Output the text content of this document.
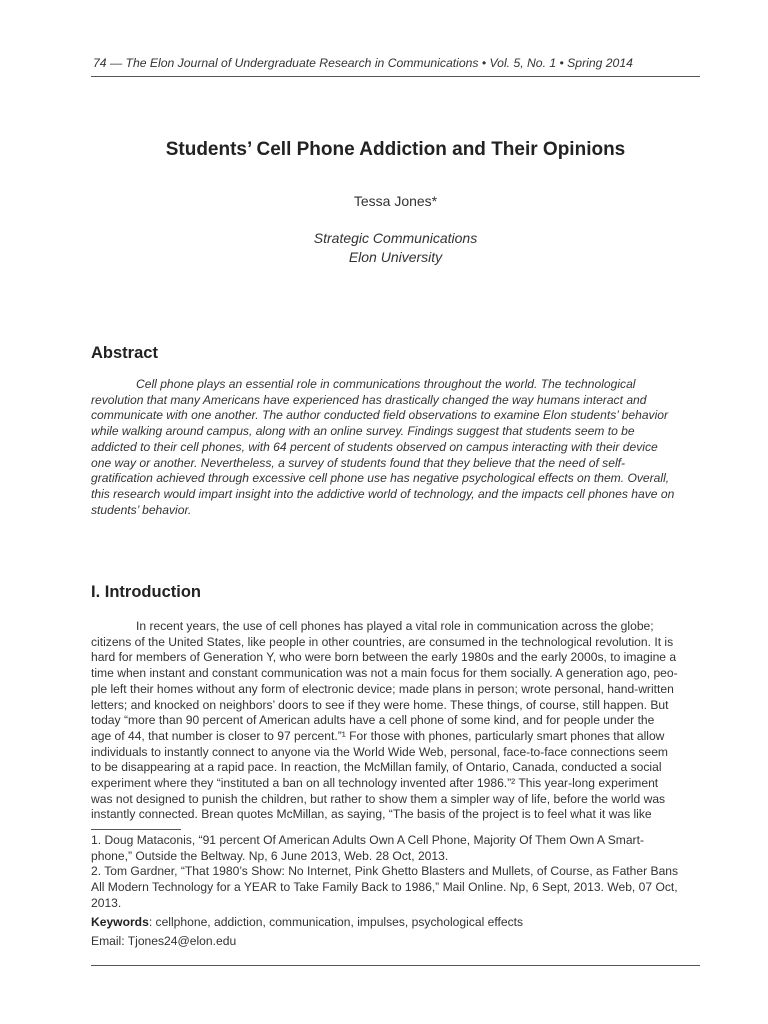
74 — The Elon Journal of Undergraduate Research in Communications • Vol. 5, No. 1 • Spring 2014
Students’ Cell Phone Addiction and Their Opinions
Tessa Jones*
Strategic Communications
Elon University
Abstract
Cell phone plays an essential role in communications throughout the world. The technological
revolution that many Americans have experienced has drastically changed the way humans interact and
communicate with one another. The author conducted field observations to examine Elon students’ behavior
while walking around campus, along with an online survey. Findings suggest that students seem to be
addicted to their cell phones, with 64 percent of students observed on campus interacting with their device
one way or another. Nevertheless, a survey of students found that they believe that the need of self-
gratification achieved through excessive cell phone use has negative psychological effects on them. Overall,
this research would impart insight into the addictive world of technology, and the impacts cell phones have on
students’ behavior.
I. Introduction
In recent years, the use of cell phones has played a vital role in communication across the globe;
citizens of the United States, like people in other countries, are consumed in the technological revolution. It is
hard for members of Generation Y, who were born between the early 1980s and the early 2000s, to imagine a
time when instant and constant communication was not a main focus for them socially. A generation ago, peo-
ple left their homes without any form of electronic device; made plans in person; wrote personal, hand-written
letters; and knocked on neighbors’ doors to see if they were home. These things, of course, still happen. But
today “more than 90 percent of American adults have a cell phone of some kind, and for people under the
age of 44, that number is closer to 97 percent.”¹ For those with phones, particularly smart phones that allow
individuals to instantly connect to anyone via the World Wide Web, personal, face-to-face connections seem
to be disappearing at a rapid pace. In reaction, the McMillan family, of Ontario, Canada, conducted a social
experiment where they “instituted a ban on all technology invented after 1986.”² This year-long experiment
was not designed to punish the children, but rather to show them a simpler way of life, before the world was
instantly connected. Brean quotes McMillan, as saying, “The basis of the project is to feel what it was like
1. Doug Mataconis, “91 percent Of American Adults Own A Cell Phone, Majority Of Them Own A Smart-
phone,” Outside the Beltway. Np, 6 June 2013, Web. 28 Oct, 2013.
2. Tom Gardner, “That 1980’s Show: No Internet, Pink Ghetto Blasters and Mullets, of Course, as Father Bans
All Modern Technology for a YEAR to Take Family Back to 1986,” Mail Online. Np, 6 Sept, 2013. Web, 07 Oct,
2013.
Keywords: cellphone, addiction, communication, impulses, psychological effects
Email: Tjones24@elon.edu
